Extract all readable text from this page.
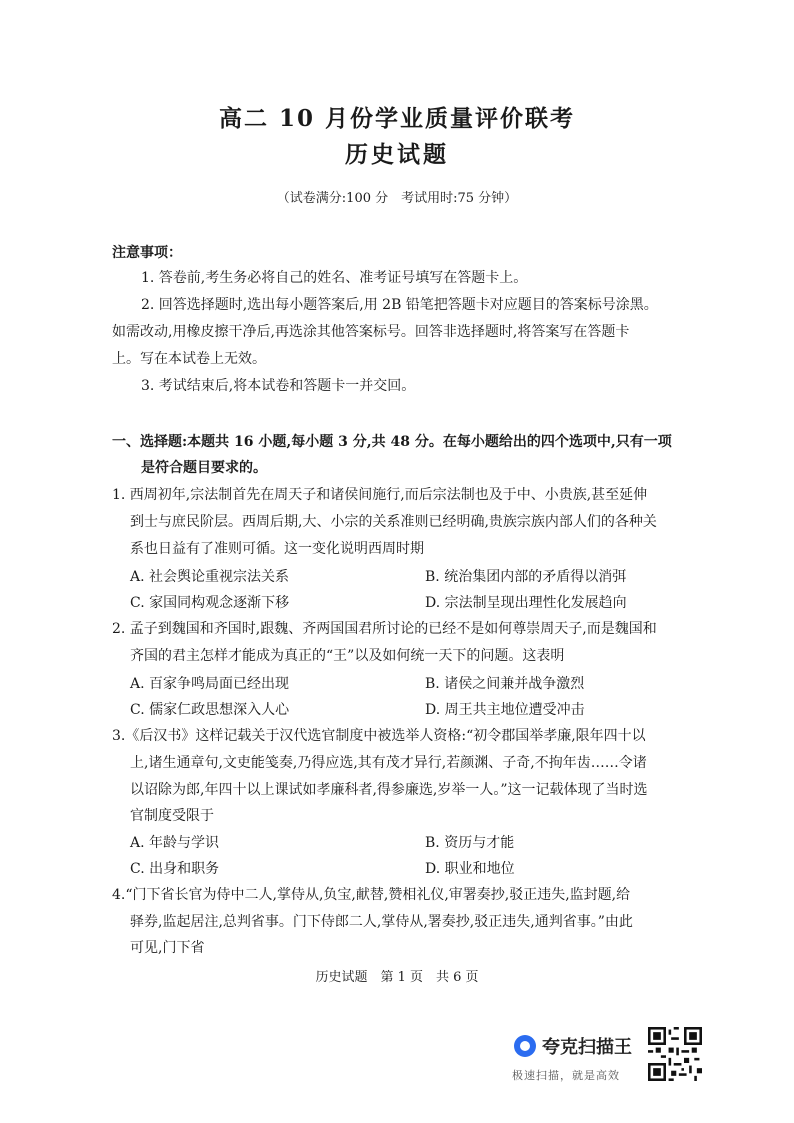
高二 10 月份学业质量评价联考
历史试题
（试卷满分:100 分　考试用时:75 分钟）
注意事项：
1. 答卷前,考生务必将自己的姓名、准考证号填写在答题卡上。
2. 回答选择题时,选出每小题答案后,用 2B 铅笔把答题卡对应题目的答案标号涂黑。
如需改动,用橡皮擦干净后,再选涂其他答案标号。回答非选择题时,将答案写在答题卡
上。写在本试卷上无效。
3. 考试结束后,将本试卷和答题卡一并交回。
一、选择题:本题共 16 小题,每小题 3 分,共 48 分。在每小题给出的四个选项中,只有一项
是符合题目要求的。
1. 西周初年,宗法制首先在周天子和诸侯间施行,而后宗法制也及于中、小贵族,甚至延伸
到士与庶民阶层。西周后期,大、小宗的关系准则已经明确,贵族宗族内部人们的各种关
系也日益有了准则可循。这一变化说明西周时期
A. 社会舆论重视宗法关系	B. 统治集团内部的矛盾得以消弭
C. 家国同构观念逐渐下移	D. 宗法制呈现出理性化发展趋向
2. 孟子到魏国和齐国时,跟魏、齐两国国君所讨论的已经不是如何尊崇周天子,而是魏国和
齐国的君主怎样才能成为真正的“王”以及如何统一天下的问题。这表明
A. 百家争鸣局面已经出现	B. 诸侯之间兼并战争激烈
C. 儒家仁政思想深入人心	D. 周王共主地位遭受冲击
3.《后汉书》这样记载关于汉代选官制度中被选举人资格:“初令郡国举孝廉,限年四十以
上,诸生通章句,文吏能笺奏,乃得应选,其有茂才异行,若颜渊、子奇,不拘年齿……令诸
以诏除为郎,年四十以上课试如孝廉科者,得参廉选,岁举一人。”这一记载体现了当时选
官制度受限于
A. 年龄与学识	B. 资历与才能
C. 出身和职务	D. 职业和地位
4.“门下省长官为侍中二人,掌侍从,负宝,献替,赞相礼仪,审署奏抄,驳正违失,监封题,给
驿券,监起居注,总判省事。门下侍郎二人,掌侍从,署奏抄,驳正违失,通判省事。”由此
可见,门下省
历史试题　第 1 页　共 6 页
夸克扫描王
极速扫描，就是高效
